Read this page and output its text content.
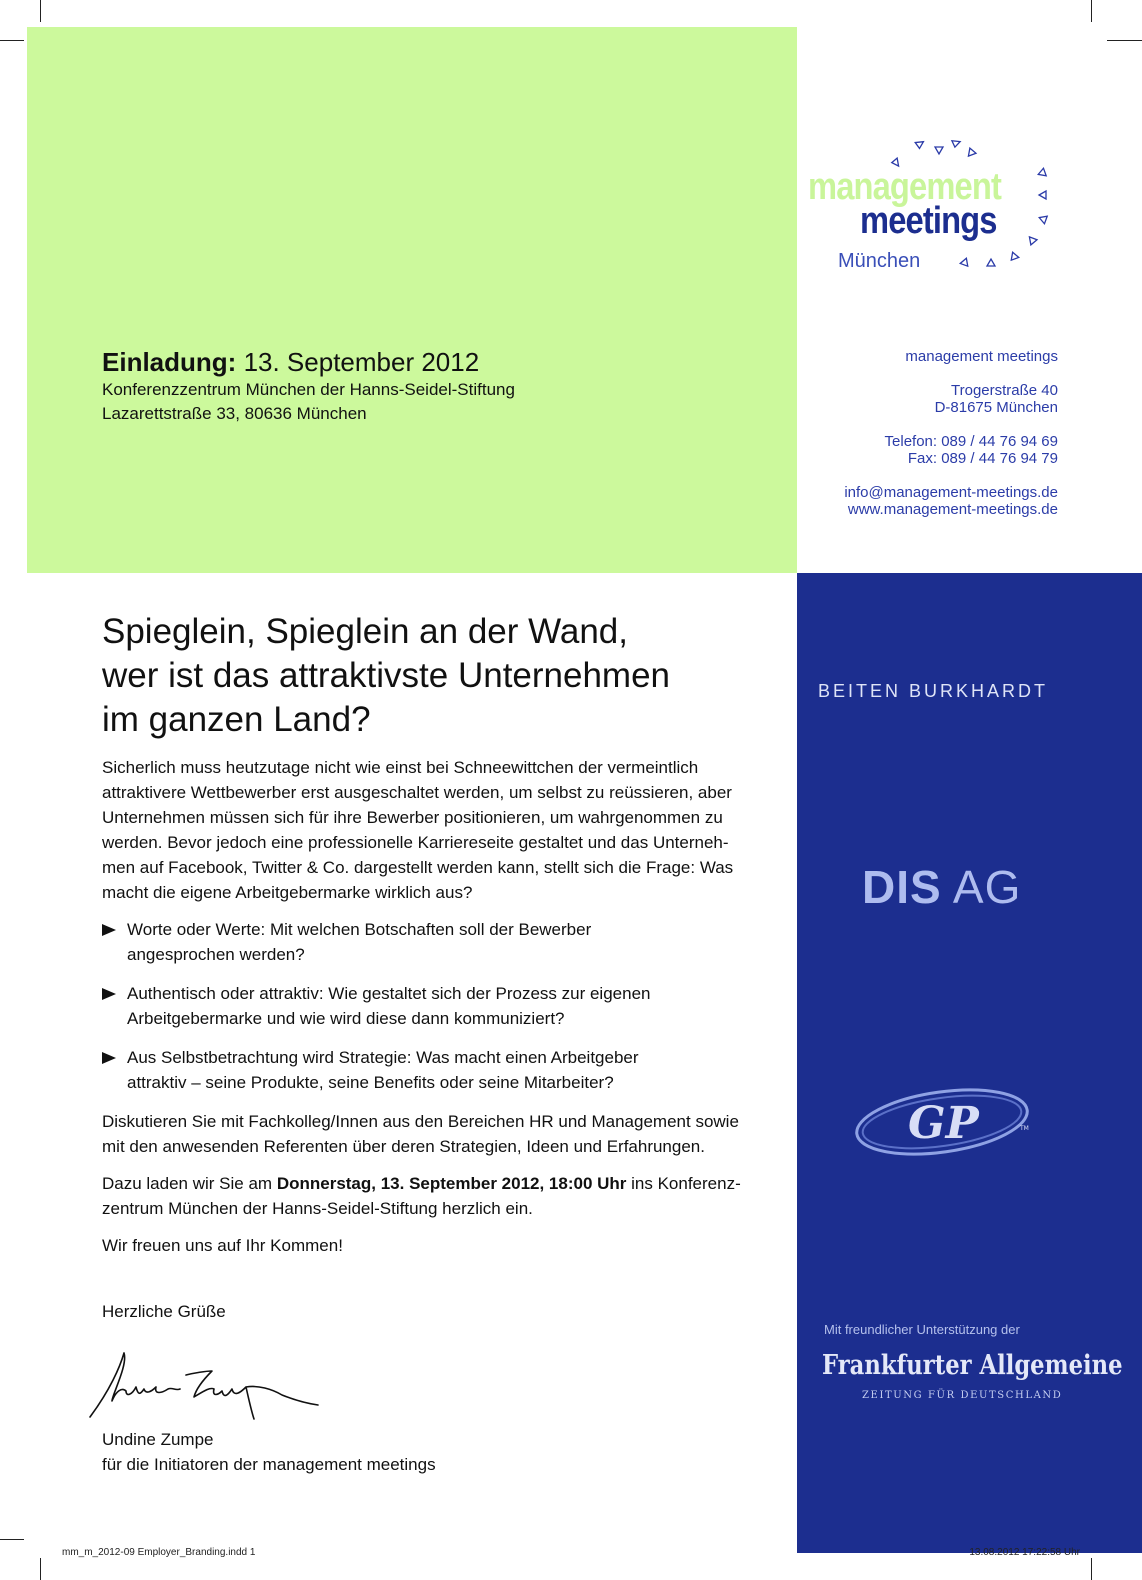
management
meetings
München
Einladung: 13. September 2012
Konferenzzentrum München der Hanns-Seidel-Stiftung
Lazarettstraße 33, 80636 München
management meetings
Trogerstraße 40
D-81675 München
Telefon: 089 / 44 76 94 69
Fax: 089 / 44 76 94 79
info@management-meetings.de
www.management-meetings.de
Spieglein, Spieglein an der Wand,
wer ist das attraktivste Unternehmen
im ganzen Land?
Sicherlich muss heutzutage nicht wie einst bei Schneewittchen der vermeintlich
attraktivere Wettbewerber erst ausgeschaltet werden, um selbst zu reüssieren, aber
Unternehmen müssen sich für ihre Bewerber positionieren, um wahrgenommen zu
werden. Bevor jedoch eine professionelle Karriereseite gestaltet und das Unterneh-
men auf Facebook, Twitter & Co. dargestellt werden kann, stellt sich die Frage: Was
macht die eigene Arbeitgebermarke wirklich aus?
Worte oder Werte: Mit welchen Botschaften soll der Bewerber
angesprochen werden?
Authentisch oder attraktiv: Wie gestaltet sich der Prozess zur eigenen
Arbeitgebermarke und wie wird diese dann kommuniziert?
Aus Selbstbetrachtung wird Strategie: Was macht einen Arbeitgeber
attraktiv – seine Produkte, seine Benefits oder seine Mitarbeiter?
Diskutieren Sie mit Fachkolleg/Innen aus den Bereichen HR und Management sowie
mit den anwesenden Referenten über deren Strategien, Ideen und Erfahrungen.
Dazu laden wir Sie am Donnerstag, 13. September 2012, 18:00 Uhr ins Konferenz-
zentrum München der Hanns-Seidel-Stiftung herzlich ein.
Wir freuen uns auf Ihr Kommen!
Herzliche Grüße
Undine Zumpe
für die Initiatoren der management meetings
BEITEN BURKHARDT
DIS AG
GP	TM
Mit freundlicher Unterstützung der
Frankfurter Allgemeine
ZEITUNG FÜR DEUTSCHLAND
mm_m_2012-09 Employer_Branding.indd 1	13.08.2012 17:22:58 Uhr
